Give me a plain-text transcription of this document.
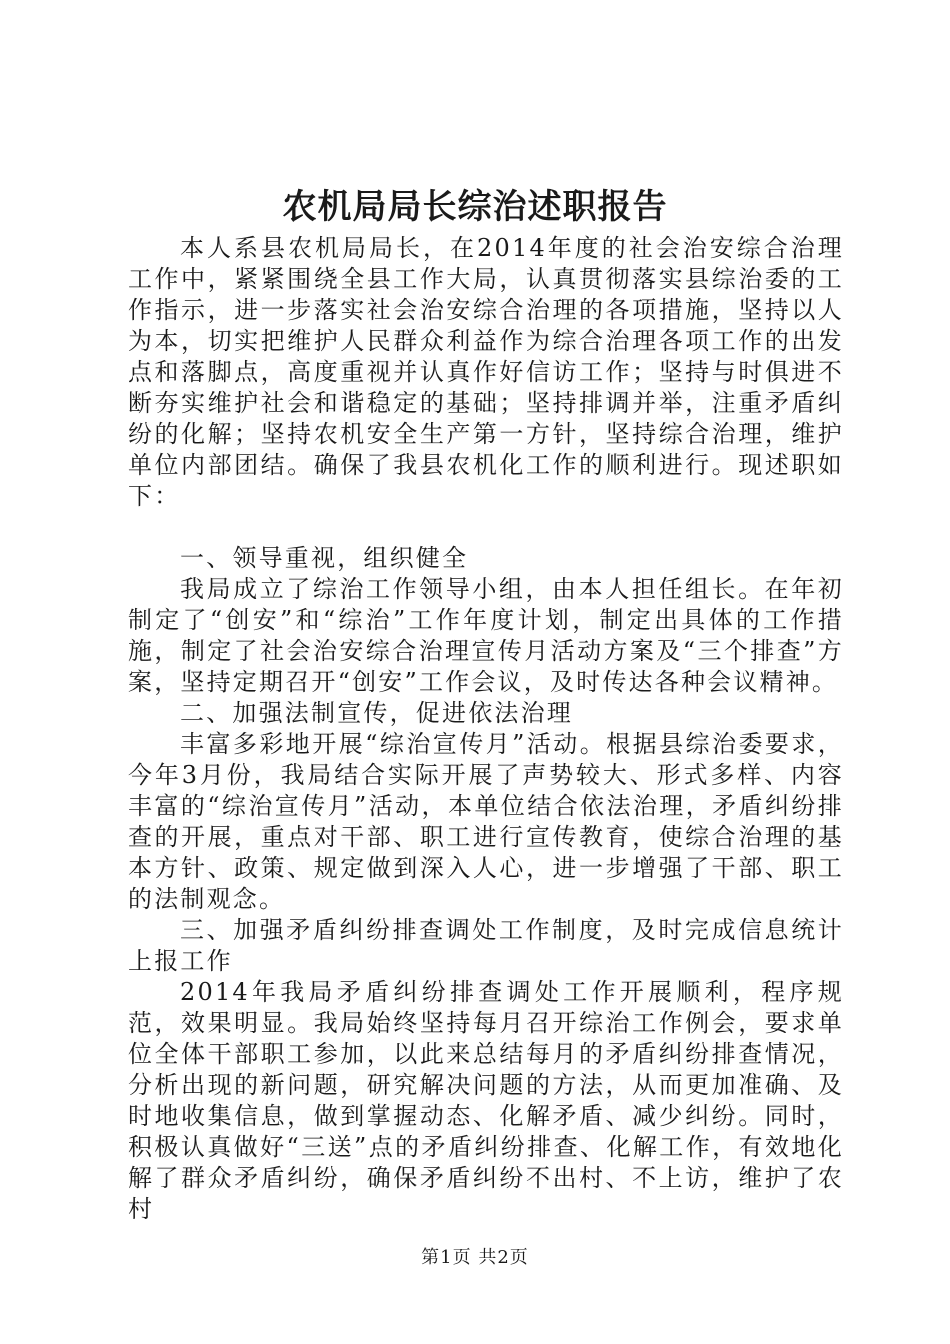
农机局局长综治述职报告

本人系县农机局局长，在2014年度的社会治安综合治理工作中，紧紧围绕全县工作大局，认真贯彻落实县综治委的工作指示，进一步落实社会治安综合治理的各项措施，坚持以人为本，切实把维护人民群众利益作为综合治理各项工作的出发点和落脚点，高度重视并认真作好信访工作；坚持与时俱进不断夯实维护社会和谐稳定的基础；坚持排调并举，注重矛盾纠纷的化解；坚持农机安全生产第一方针，坚持综合治理，维护单位内部团结。确保了我县农机化工作的顺利进行。现述职如下：

一、领导重视，组织健全

我局成立了综治工作领导小组，由本人担任组长。在年初制定了“创安”和“综治”工作年度计划，制定出具体的工作措施，制定了社会治安综合治理宣传月活动方案及“三个排查”方案，坚持定期召开“创安”工作会议，及时传达各种会议精神。

二、加强法制宣传，促进依法治理

丰富多彩地开展“综治宣传月”活动。根据县综治委要求，今年3月份，我局结合实际开展了声势较大、形式多样、内容丰富的“综治宣传月”活动，本单位结合依法治理，矛盾纠纷排查的开展，重点对干部、职工进行宣传教育，使综合治理的基本方针、政策、规定做到深入人心，进一步增强了干部、职工的法制观念。

三、加强矛盾纠纷排查调处工作制度，及时完成信息统计上报工作

2014年我局矛盾纠纷排查调处工作开展顺利，程序规范，效果明显。我局始终坚持每月召开综治工作例会，要求单位全体干部职工参加，以此来总结每月的矛盾纠纷排查情况，分析出现的新问题，研究解决问题的方法，从而更加准确、及时地收集信息，做到掌握动态、化解矛盾、减少纠纷。同时，积极认真做好“三送”点的矛盾纠纷排查、化解工作，有效地化解了群众矛盾纠纷，确保矛盾纠纷不出村、不上访，维护了农村

第1页 共2页
